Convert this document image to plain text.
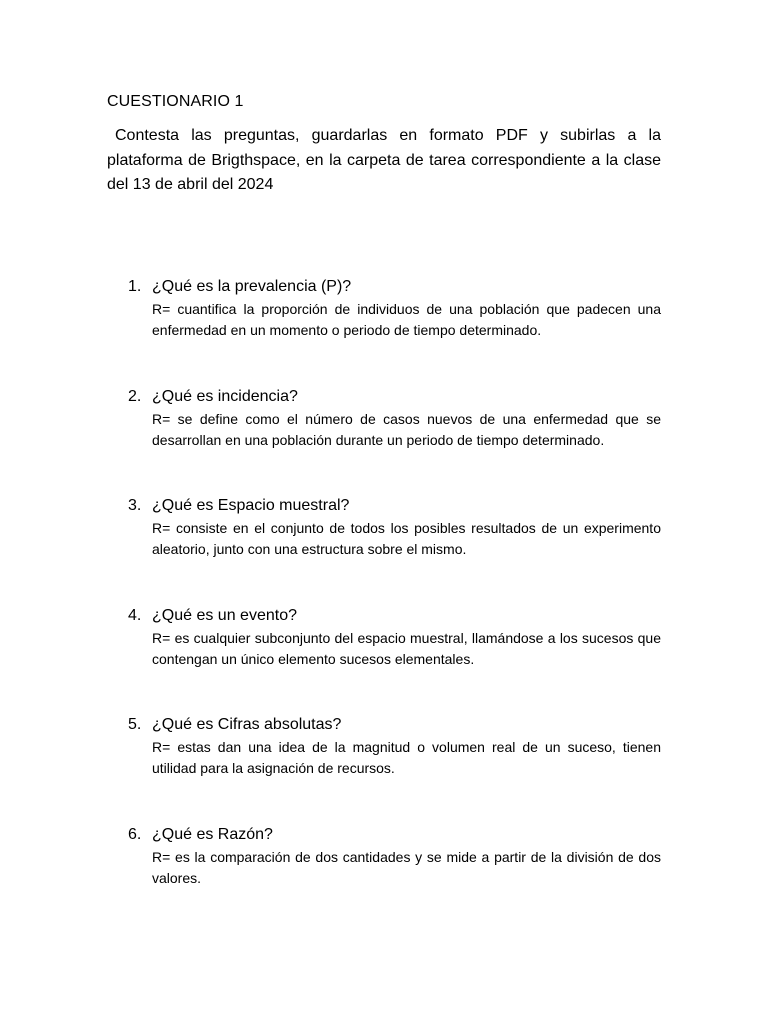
CUESTIONARIO 1

Contesta las preguntas, guardarlas en formato PDF y subirlas a la plataforma de Brigthspace, en la carpeta de tarea correspondiente a la clase del 13 de abril del 2024

1. ¿Qué es la prevalencia (P)?

R= cuantifica la proporción de individuos de una población que padecen una enfermedad en un momento o periodo de tiempo determinado.

2. ¿Qué es incidencia?

R= se define como el número de casos nuevos de una enfermedad que se desarrollan en una población durante un periodo de tiempo determinado.

3. ¿Qué es Espacio muestral?

R= consiste en el conjunto de todos los posibles resultados de un experimento aleatorio, junto con una estructura sobre el mismo.

4. ¿Qué es un evento?

R= es cualquier subconjunto del espacio muestral, llamándose a los sucesos que contengan un único elemento sucesos elementales.

5. ¿Qué es Cifras absolutas?

R= estas dan una idea de la magnitud o volumen real de un suceso, tienen utilidad para la asignación de recursos.

6. ¿Qué es Razón?

R= es la comparación de dos cantidades y se mide a partir de la división de dos valores.
